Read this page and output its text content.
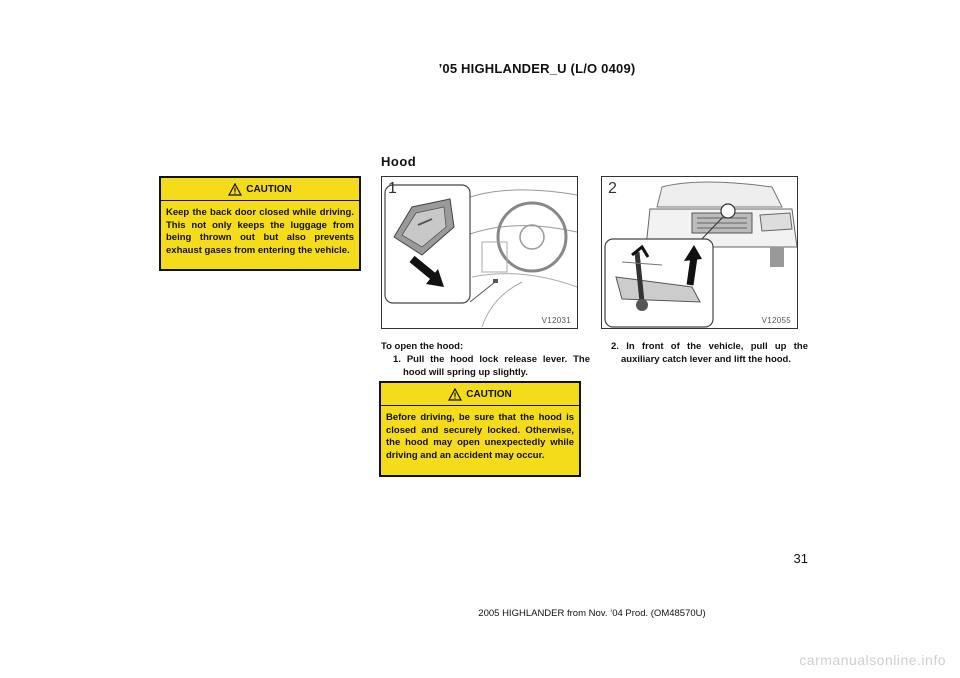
’05 HIGHLANDER_U (L/O 0409)
Hood
CAUTION
Keep the back door closed while driving. This not only keeps the luggage from being thrown out but also prevents exhaust gases from entering the vehicle.
1
V12031
2
V12055
To open the hood:
1. Pull the hood lock release lever. The hood will spring up slightly.
2. In front of the vehicle, pull up the auxiliary catch lever and lift the hood.
CAUTION
Before driving, be sure that the hood is closed and securely locked. Otherwise, the hood may open unexpectedly while driving and an accident may occur.
31
2005 HIGHLANDER from Nov. ’04 Prod. (OM48570U)
carmanualsonline.info
